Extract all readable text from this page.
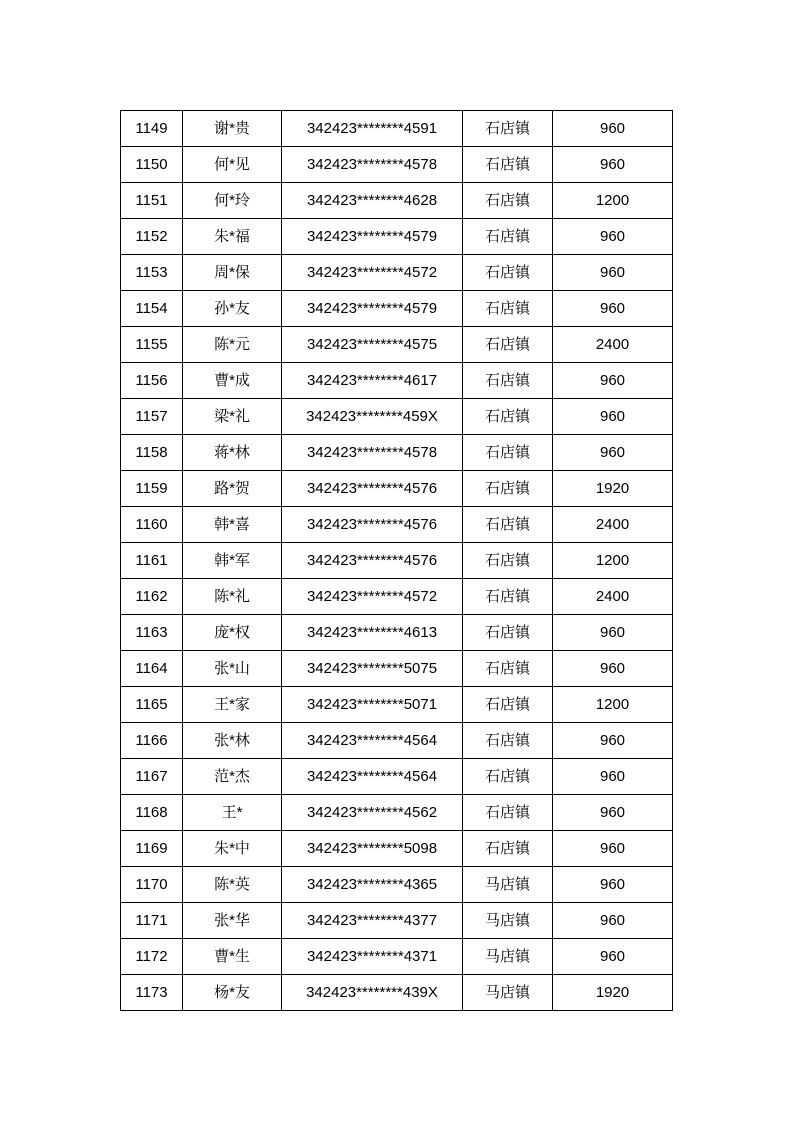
1149	谢*贵	342423********4591	石店镇	960
1150	何*见	342423********4578	石店镇	960
1151	何*玲	342423********4628	石店镇	1200
1152	朱*福	342423********4579	石店镇	960
1153	周*保	342423********4572	石店镇	960
1154	孙*友	342423********4579	石店镇	960
1155	陈*元	342423********4575	石店镇	2400
1156	曹*成	342423********4617	石店镇	960
1157	梁*礼	342423********459X	石店镇	960
1158	蒋*林	342423********4578	石店镇	960
1159	路*贺	342423********4576	石店镇	1920
1160	韩*喜	342423********4576	石店镇	2400
1161	韩*军	342423********4576	石店镇	1200
1162	陈*礼	342423********4572	石店镇	2400
1163	庞*权	342423********4613	石店镇	960
1164	张*山	342423********5075	石店镇	960
1165	王*家	342423********5071	石店镇	1200
1166	张*林	342423********4564	石店镇	960
1167	范*杰	342423********4564	石店镇	960
1168	王*	342423********4562	石店镇	960
1169	朱*中	342423********5098	石店镇	960
1170	陈*英	342423********4365	马店镇	960
1171	张*华	342423********4377	马店镇	960
1172	曹*生	342423********4371	马店镇	960
1173	杨*友	342423********439X	马店镇	1920
